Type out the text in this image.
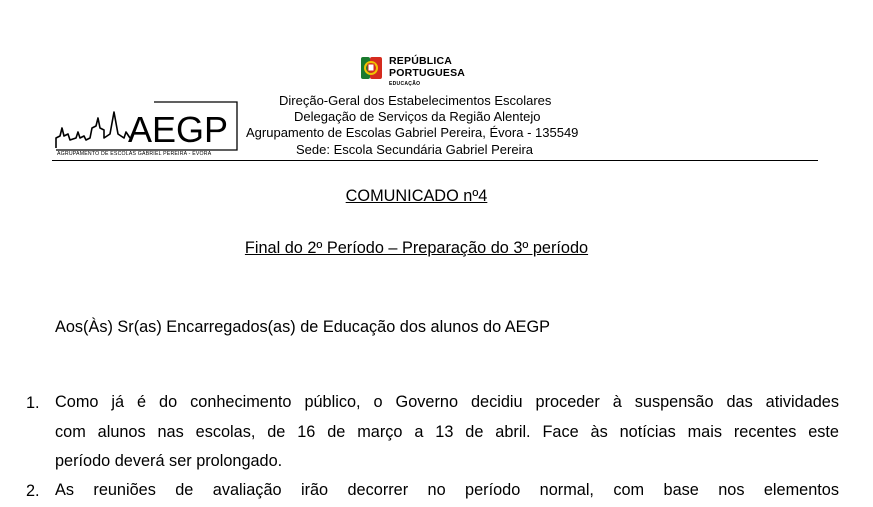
REPÚBLICA
PORTUGUESA
EDUCAÇÃO
Direção-Geral dos Estabelecimentos Escolares
Delegação de Serviços da Região Alentejo
Agrupamento de Escolas Gabriel Pereira, Évora - 135549
Sede: Escola Secundária Gabriel Pereira
AEGP
AGRUPAMENTO DE ESCOLAS GABRIEL PEREIRA - ÉVORA
COMUNICADO nº4
Final do 2º Período – Preparação do 3º período
Aos(Às) Sr(as) Encarregados(as) de Educação dos alunos do AEGP
1. Como já é do conhecimento público, o Governo decidiu proceder à suspensão das atividades
com alunos nas escolas, de 16 de março a 13 de abril. Face às notícias mais recentes este
período deverá ser prolongado.
2. As reuniões de avaliação irão decorrer no período normal, com base nos elementos
